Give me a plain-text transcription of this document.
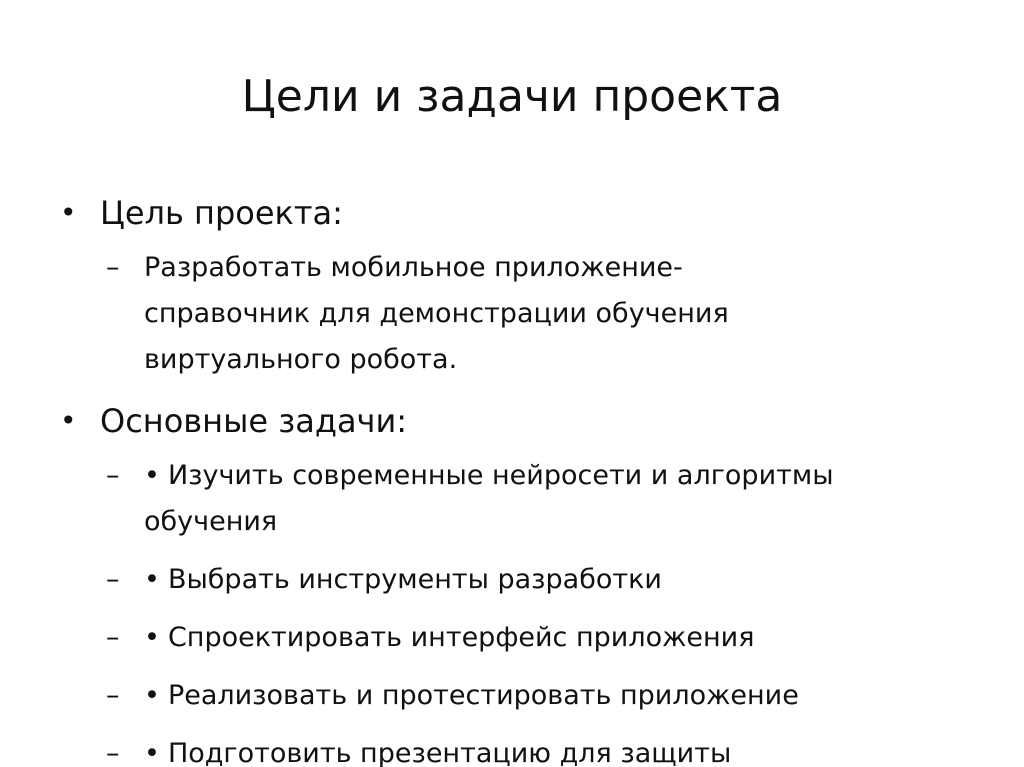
Цели и задачи проекта

• Цель проекта:

– Разработать мобильное приложение-
справочник для демонстрации обучения
виртуального робота.

• Основные задачи:

– • Изучить современные нейросети и алгоритмы
обучения

– • Выбрать инструменты разработки

– • Спроектировать интерфейс приложения

– • Реализовать и протестировать приложение

– • Подготовить презентацию для защиты
